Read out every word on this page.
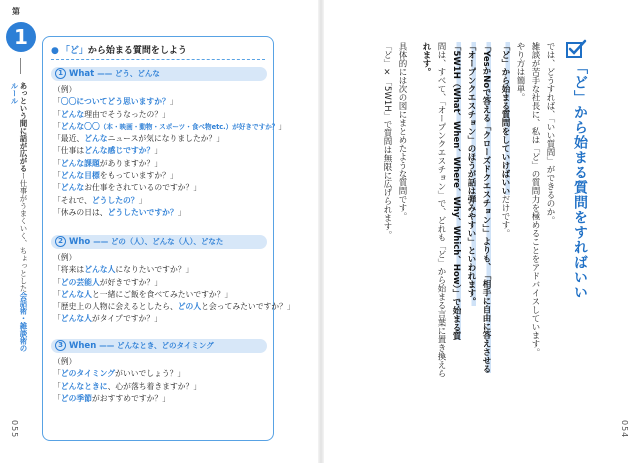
第
1
あっという間に話が広がるー仕事がうまくいく、ちょっとした会話術・雑談術のルール
055
● 「ど」から始まる質問をしよう
1 What —— どう、どんな
（例）
「〇〇についてどう思いますか？」
「どんな理由でそうなったの？」
「どんな〇〇（本・映画・動物・スポーツ・食べ物etc.）が好きですか？」
「最近、どんなニュースが気になりましたか？」
「仕事はどんな感じですか？」
「どんな課題がありますか？」
「どんな目標をもっていますか？」
「どんなお仕事をされているのですか？」
「それで、どうしたの？」
「休みの日は、どうしたいですか？」
2 Who —— どの（人）、どんな（人）、どなた
（例）
「将来はどんな人になりたいですか？」
「どの芸能人が好きですか？」
「どんな人と一緒にご飯を食べてみたいですか？」
「歴史上の人物に会えるとしたら、どの人と会ってみたいですか？」
「どんな人がタイプですか？」
3 When —— どんなとき、どのタイミング
（例）
「どのタイミングがいいでしょう？」
「どんなときに、心が落ち着きますか？」
「どの季節がおすすめですか？」
「ど」から始まる質問をすればいい
では、どうすれば、「いい質問」ができるのか。
雑談が苦手な社長に、私は「ど」の質問力を極めることをアドバイスしています。
やり方は簡単。
「ど」から始まる質問をしていけばいいだけです。
「YesかNoで答える「クローズドクエスチョン」」よりも、「相手に自由に答えさせる
「オープンクエスチョン」のほうが話は弾みやすい」といわれます。
「5W1H（What、When、Where、Why、Which、How）」で始まる質
問は、すべて、「オープンクエスチョン」で、どれも「ど」から始まる言葉に置き換えら
れます。
具体的には次の図にまとめたような質問です。
「ど」×「5W1H」で質問は無限に広げられます。
054
